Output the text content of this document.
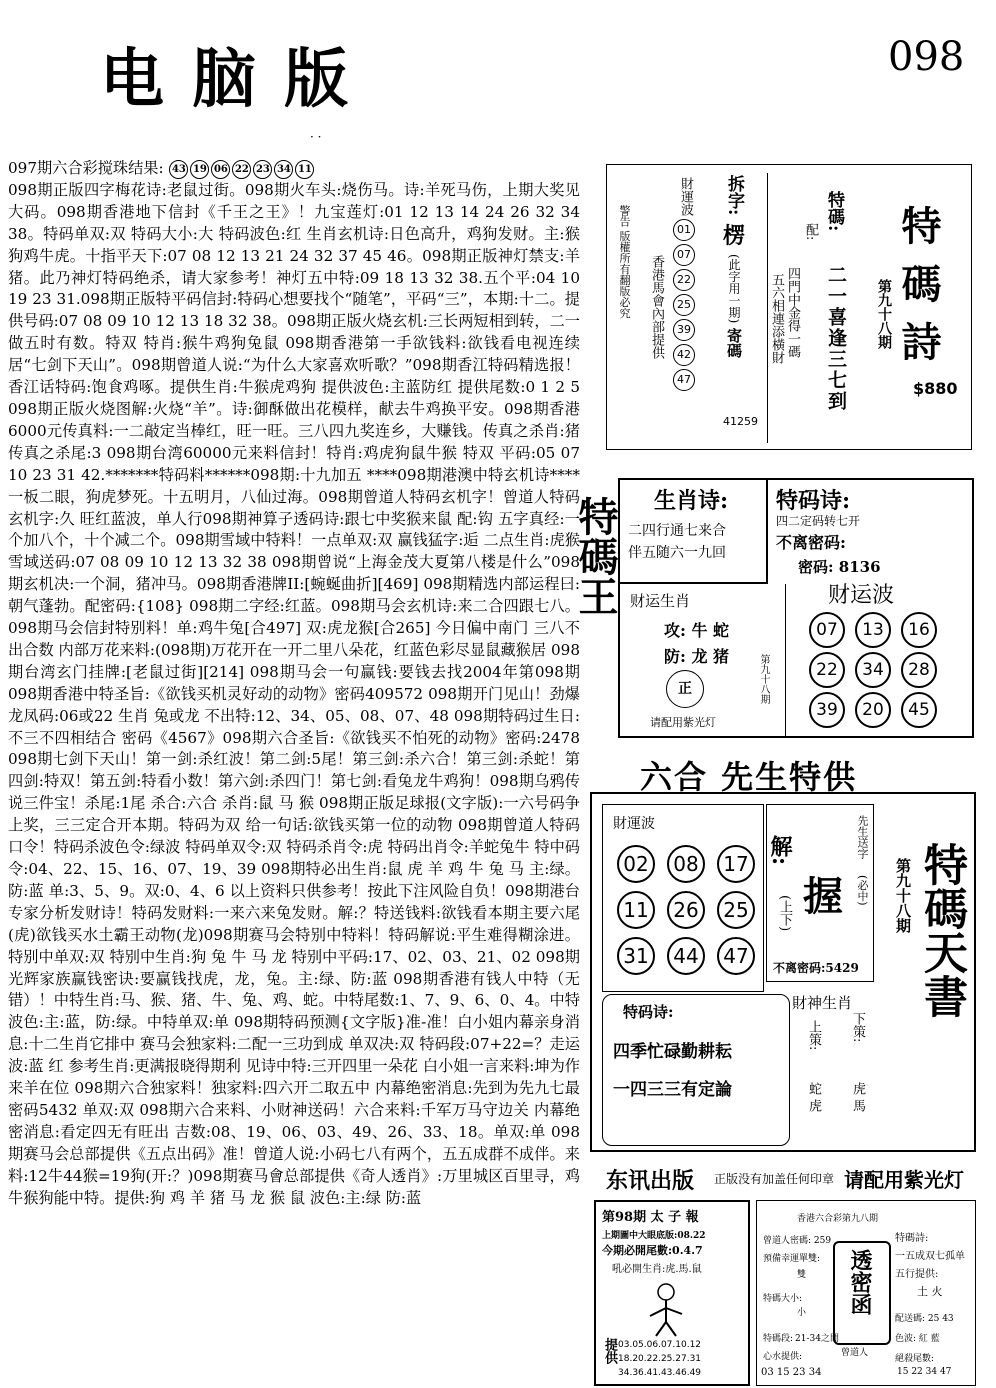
电脑版	098
· ·

097期六合彩搅珠结果: 43 19 06 22 23 34 11

098期正版四字梅花诗:老鼠过街。098期火车头:烧伤马。诗:羊死马伤，上期大奖见大码。098期香港地下信封《千王之王》！九宝莲灯:01 12 13 14 24 26 32 34 38。特码单双:双 特码大小:大 特码波色:红 生肖玄机诗:日色高升，鸡狗发财。主:猴狗鸡牛虎。十指平天下:07 08 12 13 21 24 32 37 45 46。098期正版神灯禁支:羊猪。此乃神灯特码绝杀，请大家参考！神灯五中特:09 18 13 32 38.五个平:04 10 19 23 31.098期正版特平码信封:特码心想要找个“随笔”，平码“三”，本期:十二。提供号码:07 08 09 10 12 13 18 32 38。098期正版火烧玄机:三长两短相到转，二一做五时有数。特双 特肖:猴牛鸡狗兔鼠 098期香港第一手欲钱料:欲钱看电视连续居“七剑下天山”。098期曾道人说:“为什么大家喜欢听歌？”098期香江特码精选报！香江话特码:饱食鸡啄。提供生肖:牛猴虎鸡狗 提供波色:主蓝防红 提供尾数:0 1 2 5 098期正版火烧图解:火烧“羊”。诗:御酥做出花模样，献去牛鸡换平安。098期香港6000元传真料:一二敲定当棒红，旺一旺。三八四九奖连乡，大赚钱。传真之杀肖:猪 传真之杀尾:3 098期台湾60000元来料信封！特肖:鸡虎狗鼠牛猴 特双 平码:05 07 10 23 31 42.*******特码料******098期:十九加五 ****098期港澳中特玄机诗****一板二眼，狗虎梦死。十五明月，八仙过海。098期曾道人特码玄机字！曾道人特码玄机字:久 旺红蓝波，单人行098期神算子透码诗:跟七中奖猴来鼠 配:钩 五字真经:一个加八个，十个减二个。098期雪域中特料！一点单双:双 赢钱猛字:逅 二点生肖:虎猴 雪域送码:07 08 09 10 12 13 32 38 098期曾说“上海金茂大夏第八楼是什么”098期玄机决:一个洞，猪冲马。098期香港牌II:[蜿蜒曲折][469] 098期精选内部运程曰:朝气蓬勃。配密码:{108} 098期二字经:红蓝。098期马会玄机诗:来二合四跟七八。098期马会信封特别料！单:鸡牛兔[合497] 双:虎龙猴[合265] 今日偏中南门 三八不出合数 内部万花来料:(098期)万花开在一开二里八朵花，红蓝色彩尽显鼠藏猴居 098期台湾玄门挂牌:[老鼠过街][214] 098期马会一句赢钱:要钱去找2004年第098期 098期香港中特圣旨:《欲钱买机灵好动的动物》密码409572 098期开门见山！劲爆龙凤码:06或22 生肖 兔或龙 不出特:12、34、05、08、07、48 098期特码过生日:不三不四相结合 密码《4567》098期六合圣旨:《欲钱买不怕死的动物》密码:2478 098期七剑下天山！第一剑:杀红波！第二剑:5尾！第三剑:杀六合！第三剑:杀蛇！第四剑:特双！第五剑:特看小数！第六剑:杀四门！第七剑:看兔龙牛鸡狗！098期乌鸦传说三件宝！杀尾:1尾 杀合:六合 杀肖:鼠 马 猴 098期正版足球报(文字版):一六号码争上奖，三三定合开本期。特码为双 给一句话:欲钱买第一位的动物 098期曾道人特码口令！特码杀波色令:绿波 特码单双令:双 特码杀肖令:虎 特码出肖令:羊蛇兔牛 特中码令:04、22、15、16、07、19、39 098期特必出生肖:鼠 虎 羊 鸡 牛 兔 马 主:绿。防:蓝 单:3、5、9。双:0、4、6 以上资料只供参考！按此下注风险自负！098期港台专家分析发财诗！特码发财料:一来六来兔发财。解:？特送钱料:欲钱看本期主要六尾(虎)欲钱买水土霸王动物(龙)098期赛马会特别中特料！特码解说:平生难得糊涂进。特别中单双:双 特别中生肖:狗 兔 牛 马 龙 特别中平码:17、02、03、21、02 098期光辉家族赢钱密诀:要赢钱找虎，龙，兔。主:绿、防:蓝 098期香港有钱人中特（无错）！中特生肖:马、猴、猪、牛、兔、鸡、蛇。中特尾数:1、7、9、6、0、4。中特波色:主:蓝，防:绿。中特单双:单 098期特码预测{文字版}准-准！白小姐内幕亲身消息:十二生肖它排中 赛马会独家料:二配一三功到成 单双决:双 特码段:07+22=？走运波:蓝 红 参考生肖:更满报晓得期利 见诗中特:三开四里一朵花 白小姐一言来料:坤为作来羊在位 098期六合独家料！独家料:四六开二取五中 内幕绝密消息:先到为先九七最 密码5432 单双:双 098期六合来料、小财神送码！六合来料:千军万马守边关 内幕绝密消息:看定四无有旺出 吉数:08、19、06、03、49、26、33、18。单双:单 098期赛马会总部提供《五点出码》准！曾道人说:小码七八有两个，五五成群不成伴。来料:12牛44猴=19狗(开:？)098期赛马會总部提供《奇人透肖》:万里城区百里寻，鸡牛猴狗能中特。提供:狗 鸡 羊 猪 马 龙 猴 鼠 波色:主:绿 防:蓝

警告 版權所有翻版必究 香港馬會內部提供
財運波
01
07
22
25
39
42
47
拆字:
楞
(此字用一期)
寄碼
41259
特碼:
二一喜逢三七到
配:
四門中金得一碼
五六相連添橫財	第九十八期 特碼詩
$880
特碼王 生肖诗:
二四行通七来合
伴五随六一九回
特码诗:
四二定码转七开
不离密码:
密码: 8136
财运生肖
攻: 牛 蛇
防: 龙 猪
正
请配用紫光灯
第九十八期
财运波
07 13 16 22 34 28 39 20 45
六合 先生特供
財運波
02 08 17 11 26 25 31 44 47
解:
(上下) 握
先生送字
(必中)
不离密码:5429
特码诗:
四季忙碌勤耕耘
一四三三有定論
財神生肖
上策: 下策:
蛇 虎 虎 馬
第九十八期 特碼天書
东讯出版 正版没有加盖任何印章 请配用紫光灯
第98期 太 子 報
上期圖中大眼底版:08.22
今期必開尾數:0.4.7
吼必開生肖:虎.馬.鼠
提供 03.05.06.07.10.12
18.20.22.25.27.31
34.36.41.43.46.49
香港六合彩第九八期
曾道人密碼: 259
預備幸運單雙:
雙
特碼大小:
小
特碼段: 21-34之間
心水提供:
03 15 23 34
透密函
曾道人
特碼詩:
一五成双七孤单
五行提供:
土 火
配送碼: 25 43
色波: 紅 藍
絕殺尾數:
15 22 34 47
